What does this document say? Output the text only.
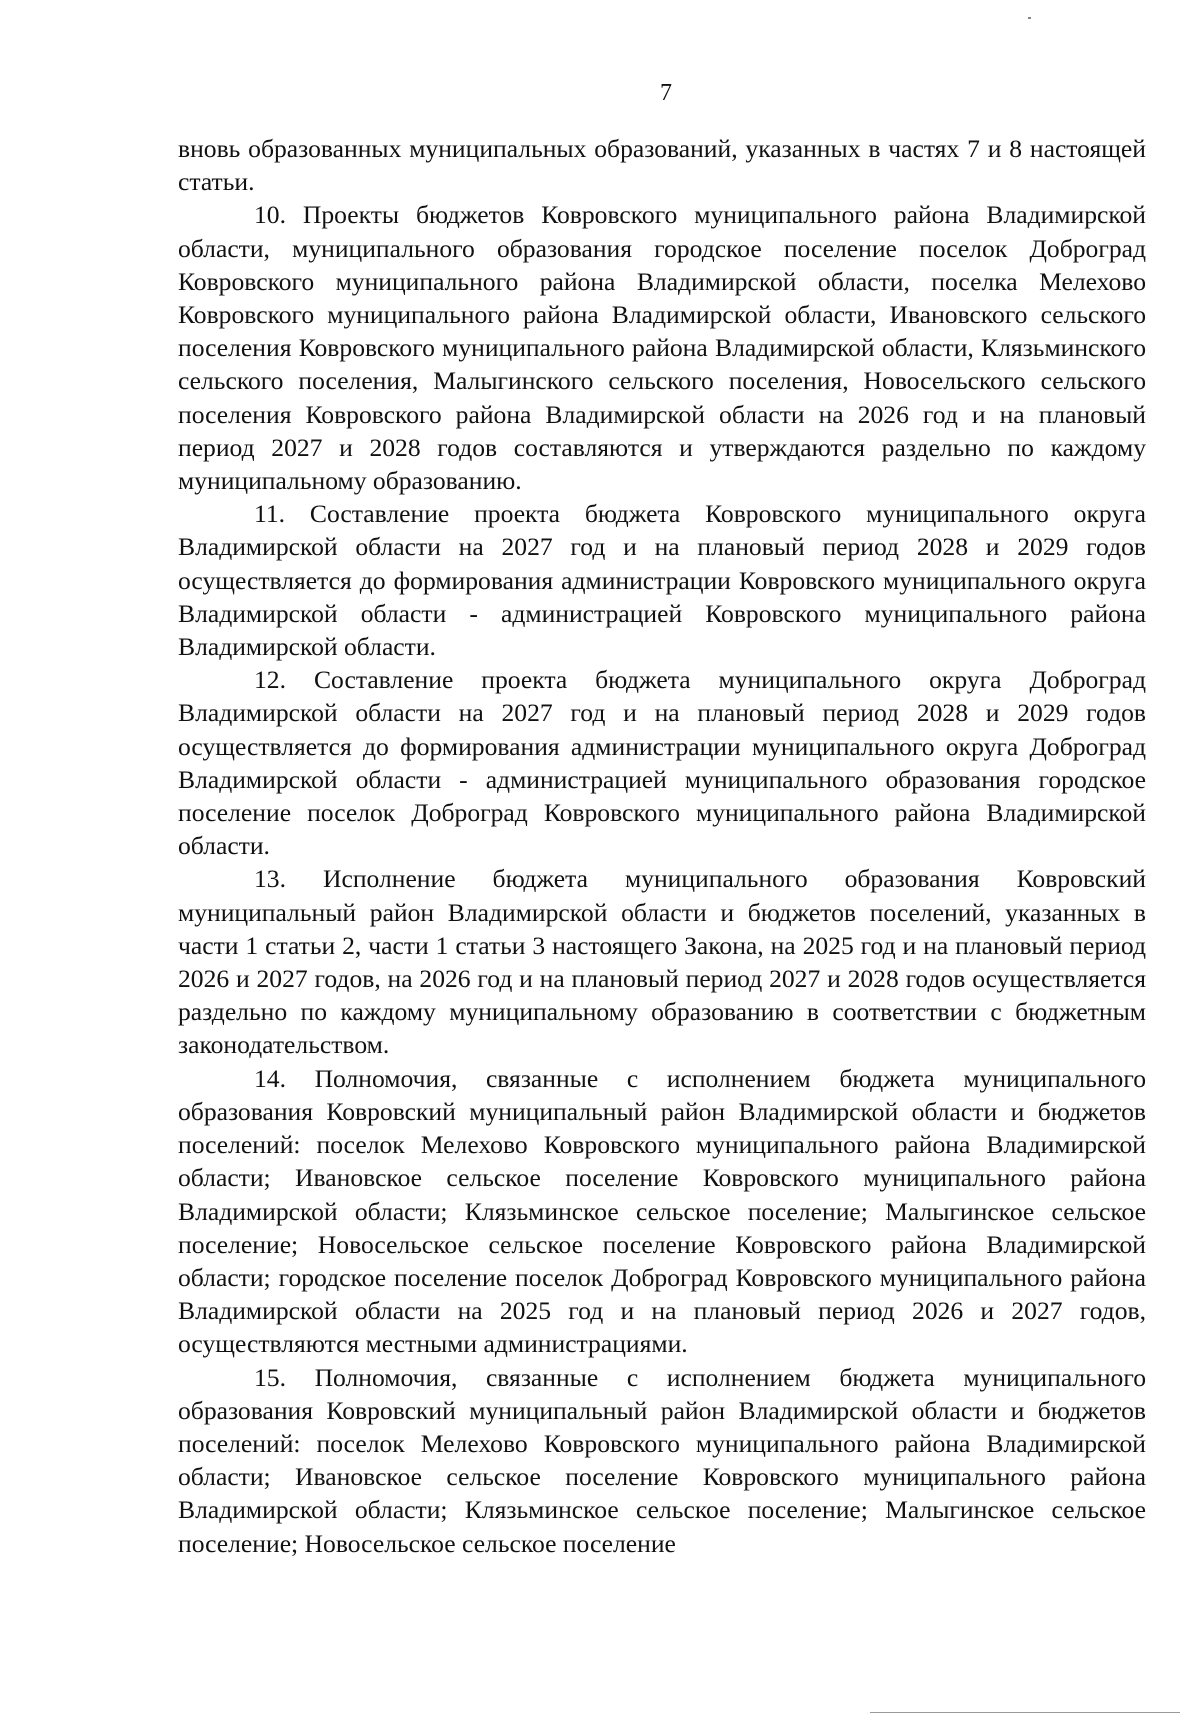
7

вновь образованных муниципальных образований, указанных в частях 7 и 8 настоящей статьи.

10. Проекты бюджетов Ковровского муниципального района Владимирской области, муниципального образования городское поселение поселок Доброград Ковровского муниципального района Владимирской области, поселка Мелехово Ковровского муниципального района Владимирской области, Ивановского сельского поселения Ковровского муниципального района Владимирской области, Клязьминского сельского поселения, Малыгинского сельского поселения, Новосельского сельского поселения Ковровского района Владимирской области на 2026 год и на плановый период 2027 и 2028 годов составляются и утверждаются раздельно по каждому муниципальному образованию.

11. Составление проекта бюджета Ковровского муниципального округа Владимирской области на 2027 год и на плановый период 2028 и 2029 годов осуществляется до формирования администрации Ковровского муниципального округа Владимирской области - администрацией Ковровского муниципального района Владимирской области.

12. Составление проекта бюджета муниципального округа Доброград Владимирской области на 2027 год и на плановый период 2028 и 2029 годов осуществляется до формирования администрации муниципального округа Доброград Владимирской области - администрацией муниципального образования городское поселение поселок Доброград Ковровского муниципального района Владимирской области.

13. Исполнение бюджета муниципального образования Ковровский муниципальный район Владимирской области и бюджетов поселений, указанных в части 1 статьи 2, части 1 статьи 3 настоящего Закона, на 2025 год и на плановый период 2026 и 2027 годов, на 2026 год и на плановый период 2027 и 2028 годов осуществляется раздельно по каждому муниципальному образованию в соответствии с бюджетным законодательством.

14. Полномочия, связанные с исполнением бюджета муниципального образования Ковровский муниципальный район Владимирской области и бюджетов поселений: поселок Мелехово Ковровского муниципального района Владимирской области; Ивановское сельское поселение Ковровского муниципального района Владимирской области; Клязьминское сельское поселение; Малыгинское сельское поселение; Новосельское сельское поселение Ковровского района Владимирской области; городское поселение поселок Доброград Ковровского муниципального района Владимирской области на 2025 год и на плановый период 2026 и 2027 годов, осуществляются местными администрациями.

15. Полномочия, связанные с исполнением бюджета муниципального образования Ковровский муниципальный район Владимирской области и бюджетов поселений: поселок Мелехово Ковровского муниципального района Владимирской области; Ивановское сельское поселение Ковровского муниципального района Владимирской области; Клязьминское сельское поселение; Малыгинское сельское поселение; Новосельское сельское поселение
